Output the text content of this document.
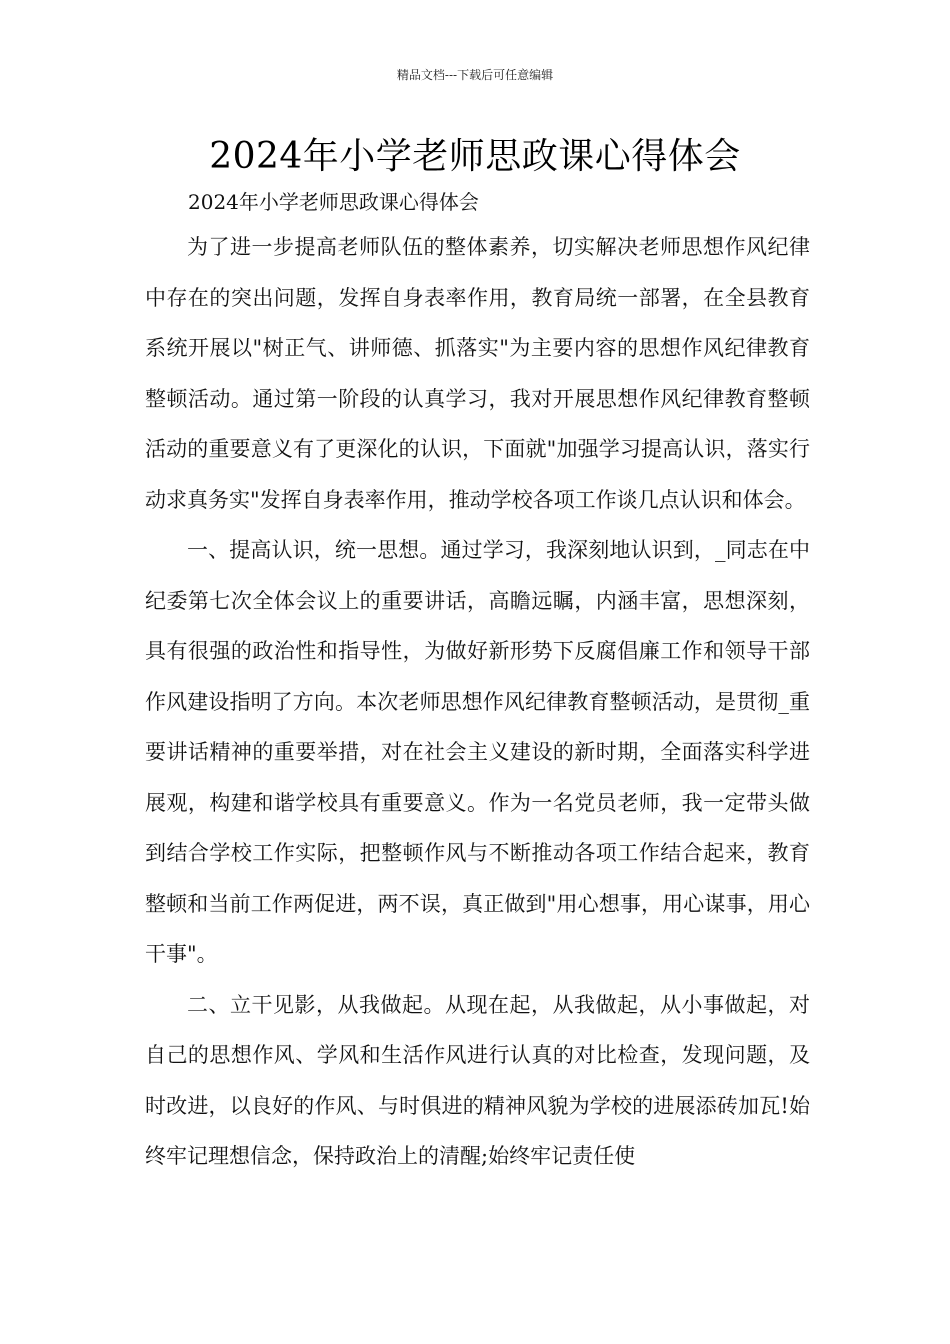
精品文档---下载后可任意编辑
2024年小学老师思政课心得体会
2024年小学老师思政课心得体会

为了进一步提高老师队伍的整体素养，切实解决老师思想作风纪律中存在的突出问题，发挥自身表率作用，教育局统一部署，在全县教育系统开展以"树正气、讲师德、抓落实"为主要内容的思想作风纪律教育整顿活动。通过第一阶段的认真学习，我对开展思想作风纪律教育整顿活动的重要意义有了更深化的认识，下面就"加强学习提高认识，落实行动求真务实"发挥自身表率作用，推动学校各项工作谈几点认识和体会。

一、提高认识，统一思想。通过学习，我深刻地认识到，_同志在中纪委第七次全体会议上的重要讲话，高瞻远瞩，内涵丰富，思想深刻，具有很强的政治性和指导性，为做好新形势下反腐倡廉工作和领导干部作风建设指明了方向。本次老师思想作风纪律教育整顿活动，是贯彻_重要讲话精神的重要举措，对在社会主义建设的新时期，全面落实科学进展观，构建和谐学校具有重要意义。作为一名党员老师，我一定带头做到结合学校工作实际，把整顿作风与不断推动各项工作结合起来，教育整顿和当前工作两促进，两不误，真正做到"用心想事，用心谋事，用心干事"。

二、立干见影，从我做起。从现在起，从我做起，从小事做起，对自己的思想作风、学风和生活作风进行认真的对比检查，发现问题，及时改进，以良好的作风、与时俱进的精神风貌为学校的进展添砖加瓦!始终牢记理想信念，保持政治上的清醒;始终牢记责任使
